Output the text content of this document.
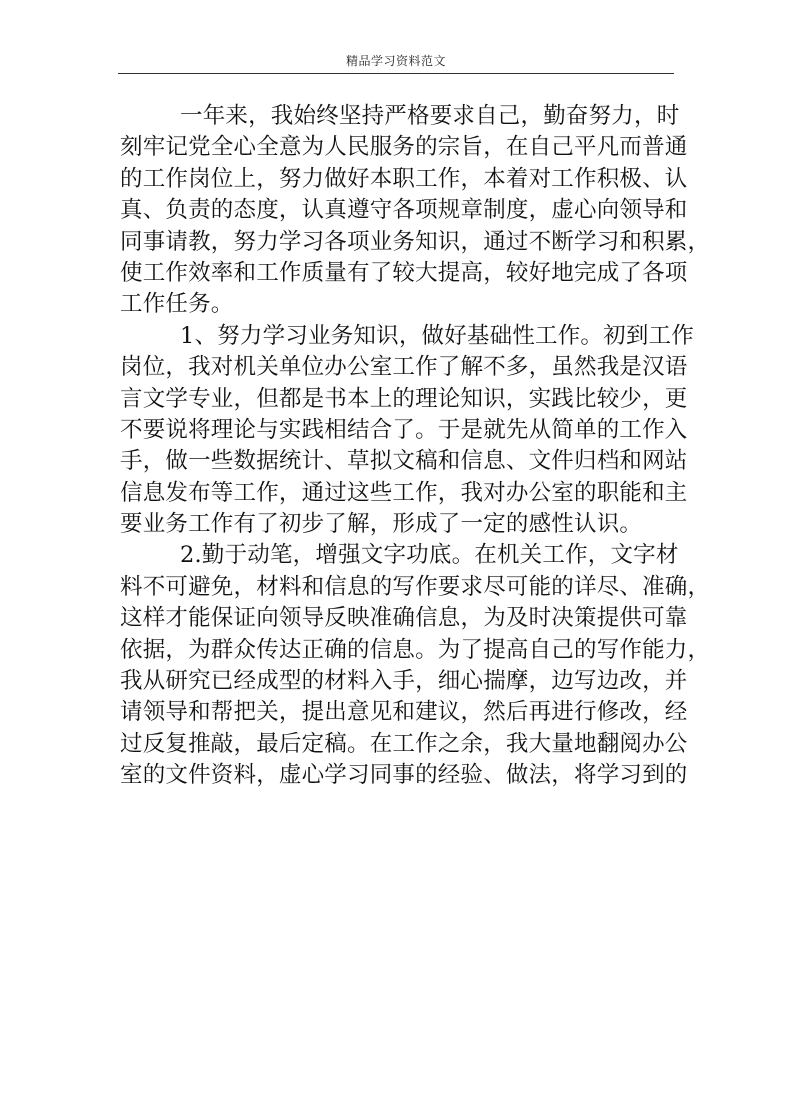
精品学习资料范文
一年来，我始终坚持严格要求自己，勤奋努力，时
刻牢记党全心全意为人民服务的宗旨，在自己平凡而普通
的工作岗位上，努力做好本职工作，本着对工作积极、认
真、负责的态度，认真遵守各项规章制度，虚心向领导和
同事请教，努力学习各项业务知识，通过不断学习和积累，
使工作效率和工作质量有了较大提高，较好地完成了各项
工作任务。
1、努力学习业务知识，做好基础性工作。初到工作
岗位，我对机关单位办公室工作了解不多，虽然我是汉语
言文学专业，但都是书本上的理论知识，实践比较少，更
不要说将理论与实践相结合了。于是就先从简单的工作入
手，做一些数据统计、草拟文稿和信息、文件归档和网站
信息发布等工作，通过这些工作，我对办公室的职能和主
要业务工作有了初步了解，形成了一定的感性认识。
2.勤于动笔，增强文字功底。在机关工作，文字材
料不可避免，材料和信息的写作要求尽可能的详尽、准确，
这样才能保证向领导反映准确信息，为及时决策提供可靠
依据，为群众传达正确的信息。为了提高自己的写作能力，
我从研究已经成型的材料入手，细心揣摩，边写边改，并
请领导和帮把关，提出意见和建议，然后再进行修改，经
过反复推敲，最后定稿。在工作之余，我大量地翻阅办公
室的文件资料，虚心学习同事的经验、做法，将学习到的
